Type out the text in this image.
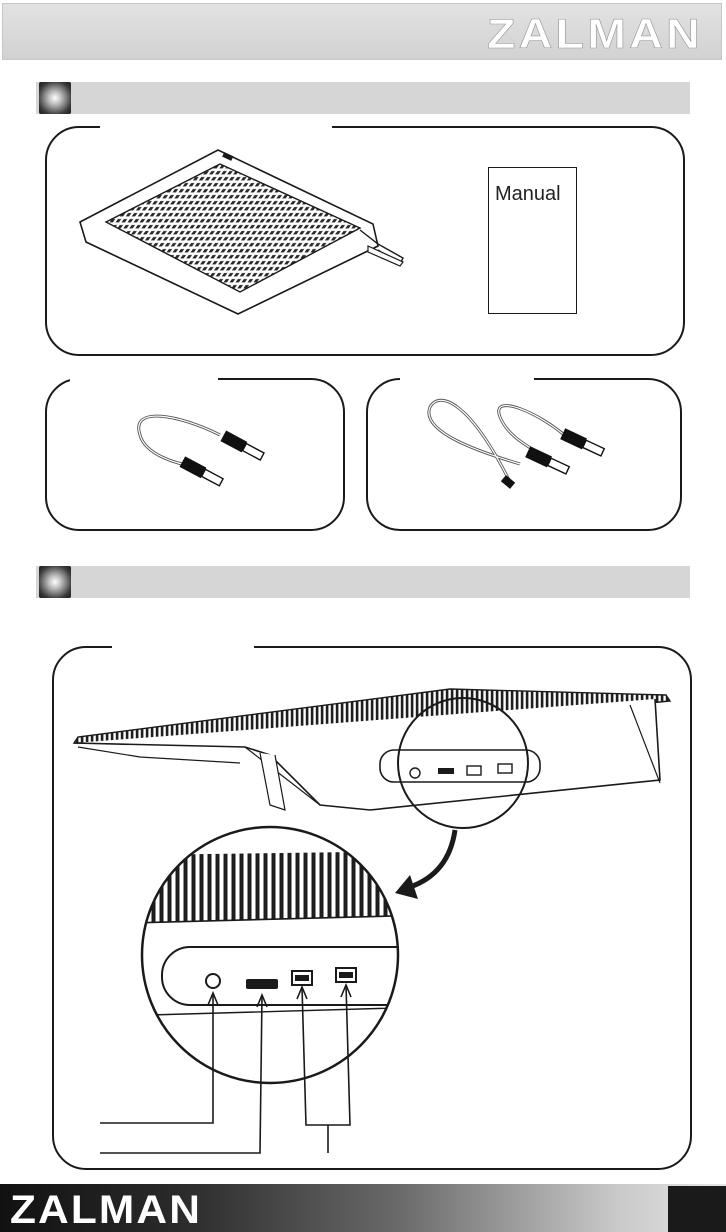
ZALMAN
Manual
ZALMAN
